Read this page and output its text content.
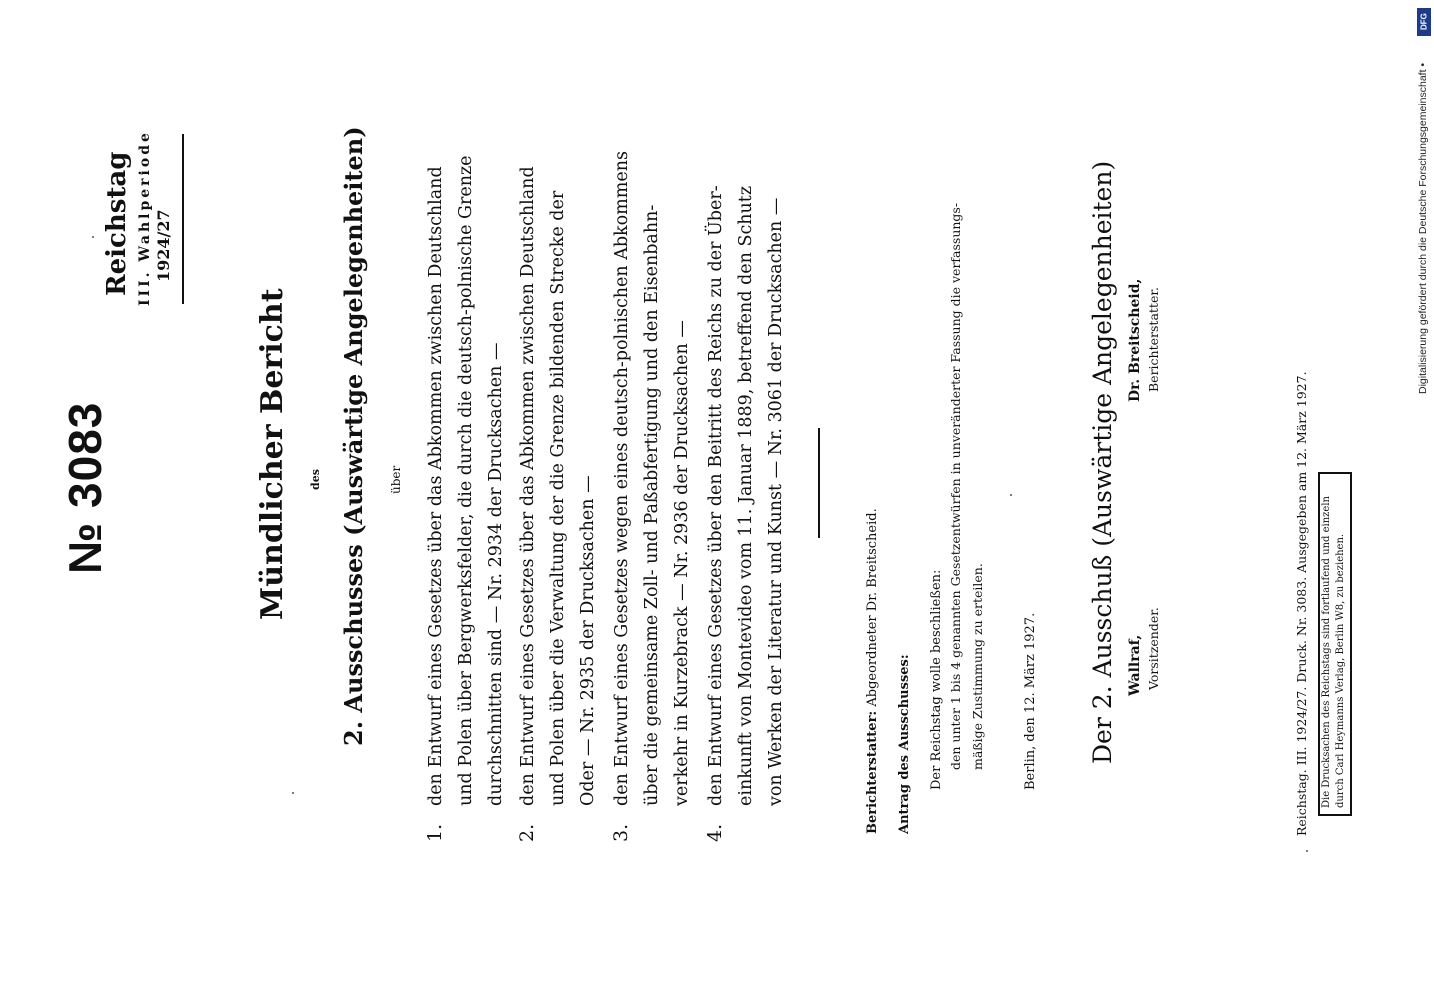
№ 3083
Reichstag III. Wahlperiode 1924/27
Mündlicher Bericht des 2. Ausschusses (Auswärtige Angelegenheiten) über
1.
den Entwurf eines Gesetzes über das Abkommen zwischen Deutschland und Polen über Bergwerksfelder, die durch die deutsch-polnische Grenze durchschnitten sind — Nr. 2934 der Drucksachen —
2.
den Entwurf eines Gesetzes über das Abkommen zwischen Deutschland und Polen über die Verwaltung der die Grenze bildenden Strecke der Oder — Nr. 2935 der Drucksachen —
3.
den Entwurf eines Gesetzes wegen eines deutsch-polnischen Abkommens über die gemeinsame Zoll- und Paßabfertigung und den Eisenbahn- verkehr in Kurzebrack — Nr. 2936 der Drucksachen —
4.
den Entwurf eines Gesetzes über den Beitritt des Reichs zu der Über- einkunft von Montevideo vom 11. Januar 1889, betreffend den Schutz von Werken der Literatur und Kunst — Nr. 3061 der Drucksachen —	Berichterstatter: Abgeordneter Dr. Breitscheid.
Antrag des Ausschusses: Der Reichstag wolle beschließen: den unter 1 bis 4 genannten Gesetzentwürfen in unveränderter Fassung die verfassungs- mäßige Zustimmung zu erteilen.	Berlin, den 12. März 1927. Der 2. Ausschuß (Auswärtige Angelegenheiten) Wallraf, Vorsitzender.
Dr. Breitscheid, Berichterstatter.
Reichstag. III. 1924/27. Druck. Nr. 3083. Ausgegeben am 12. März 1927. Die Drucksachen des Reichstags sind fortlaufend und einzeln durch Carl Heymanns Verlag, Berlin W8, zu beziehen.
Digitalisierung gefördert durch die Deutsche Forschungsgemeinschaft •
DFG
